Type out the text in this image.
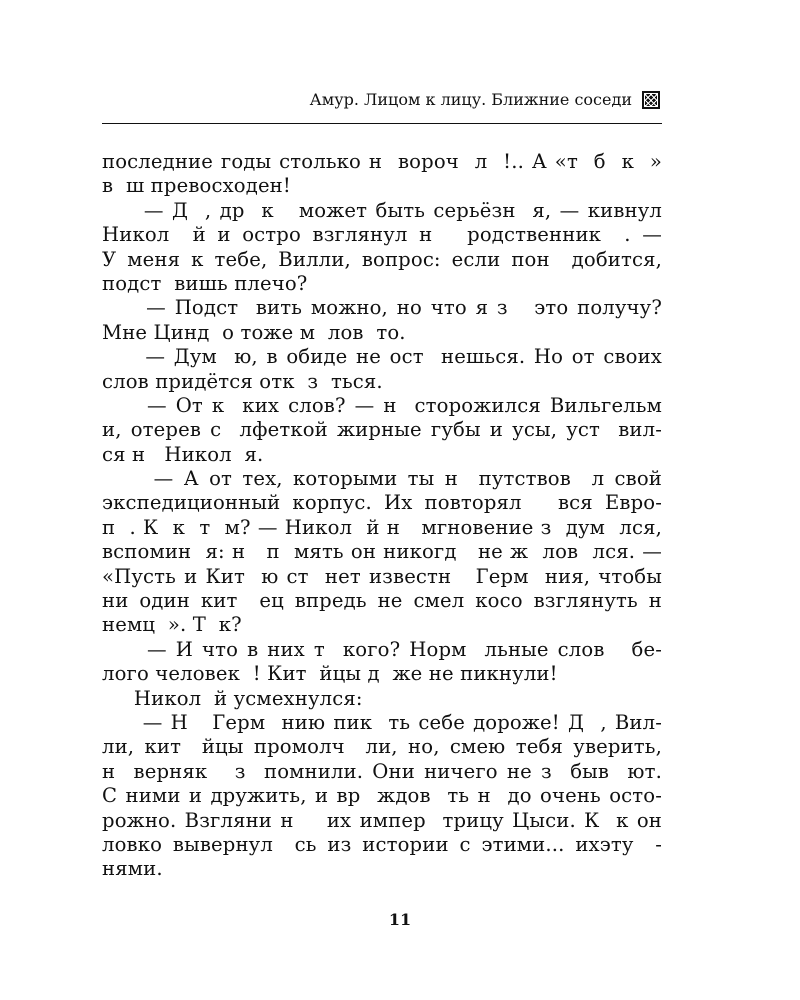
Амур. Лицом к лицу. Ближние соседи
последние годы столько н  вороч  л  !.. А «т  б  к  »
в  ш превосходен!
— Д  , др  к   может быть серьёзн  я, — кивнул
Никол  й и остро взглянул н   родственник  . —
У меня к тебе, Вилли, вопрос: если пон  добится,
подст  вишь плечо?
— Подст  вить можно, но что я з   это получу?
Мне Цинд  о тоже м  лов  то.
— Дум  ю, в обиде не ост  нешься. Но от своих
слов придётся отк  з  ться.
— От к  ких слов? — н  сторожился Вильгельм
и, отерев с  лфеткой жирные губы и усы, уст  вил-
ся н   Никол  я.
— А от тех, которыми ты н  путствов  л свой
экспедиционный корпус. Их повторял   вся Евро-
п  . К  к  т  м? — Никол  й н   мгновение з  дум  лся,
вспомин  я: н   п  мять он никогд   не ж  лов  лся. —
«Пусть и Кит  ю ст  нет известн   Герм  ния, чтобы
ни один кит  ец впредь не смел косо взглянуть н
немц  ». Т  к?
— И что в них т  кого? Норм  льные слов   бе-
лого человек  ! Кит  йцы д  же не пикнули!
Никол  й усмехнулся:
— Н   Герм  нию пик  ть себе дороже! Д  , Вил-
ли, кит  йцы промолч  ли, но, смею тебя уверить,
н  верняк   з  помнили. Они ничего не з  быв  ют.
С ними и дружить, и вр  ждов  ть н  до очень осто-
рожно. Взгляни н    их импер  трицу Цыси. К  к он
ловко вывернул  сь из истории с этими... ихэту  -
нями.
11
